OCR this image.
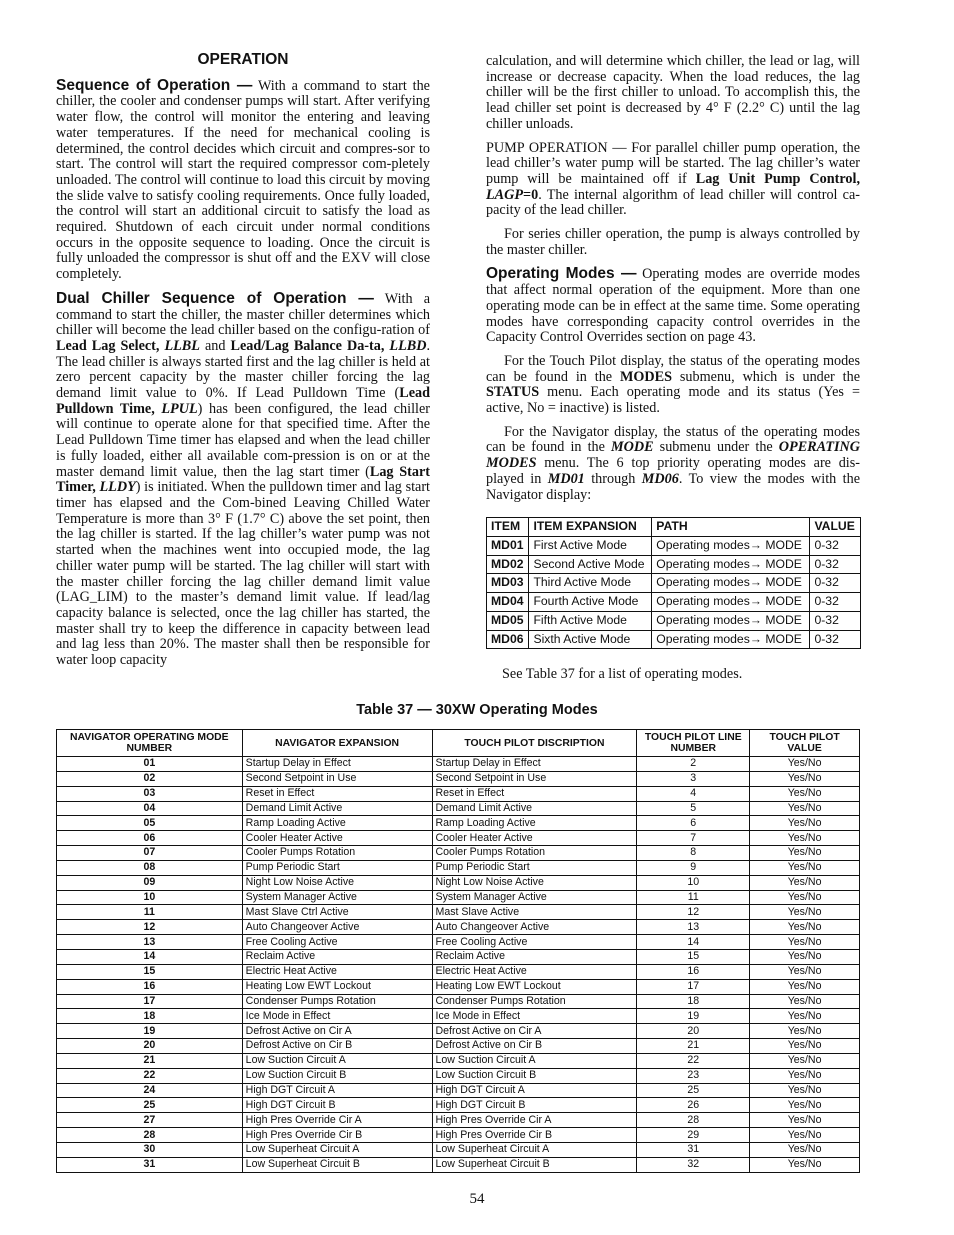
OPERATION

Sequence of Operation — With a command to start the chiller, the cooler and condenser pumps will start. After verifying water flow, the control will monitor the entering and leaving water temperatures. If the need for mechanical cooling is determined, the control decides which circuit and compres-sor to start. The control will start the required compressor com-pletely unloaded. The control will continue to load this circuit by moving the slide valve to satisfy cooling requirements. Once fully loaded, the control will start an additional circuit to satisfy the load as required. Shutdown of each circuit under normal conditions occurs in the opposite sequence to loading. Once the circuit is fully unloaded the compressor is shut off and the EXV will close completely.

Dual Chiller Sequence of Operation — With a command to start the chiller, the master chiller determines which chiller will become the lead chiller based on the configu-ration of Lead Lag Select, LLBL and Lead/Lag Balance Da-ta, LLBD. The lead chiller is always started first and the lag chiller is held at zero percent capacity by the master chiller forcing the lag demand limit value to 0%. If Lead Pulldown Time (Lead Pulldown Time, LPUL) has been configured, the lead chiller will continue to operate alone for that specified time. After the Lead Pulldown Time timer has elapsed and when the lead chiller is fully loaded, either all available com-pression is on or at the master demand limit value, then the lag start timer (Lag Start Timer, LLDY) is initiated. When the pulldown timer and lag start timer has elapsed and the Com-bined Leaving Chilled Water Temperature is more than 3° F (1.7° C) above the set point, then the lag chiller is started. If the lag chiller’s water pump was not started when the machines went into occupied mode, the lag chiller water pump will be started. The lag chiller will start with the master chiller forcing the lag chiller demand limit value (LAG_LIM) to the master’s demand limit value. If lead/lag capacity balance is selected, once the lag chiller has started, the master shall try to keep the difference in capacity between lead and lag less than 20%. The master shall then be responsible for water loop capacity

calculation, and will determine which chiller, the lead or lag, will increase or decrease capacity. When the load reduces, the lag chiller will be the first chiller to unload. To accomplish this, the lead chiller set point is decreased by 4° F (2.2° C) until the lag chiller unloads.

PUMP OPERATION — For parallel chiller pump operation, the lead chiller’s water pump will be started. The lag chiller’s water pump will be maintained off if Lag Unit Pump Control, LAGP=0. The internal algorithm of lead chiller will control ca-pacity of the lead chiller.

For series chiller operation, the pump is always controlled by the master chiller.

Operating Modes — Operating modes are override modes that affect normal operation of the equipment. More than one operating mode can be in effect at the same time. Some operating modes have corresponding capacity control overrides in the Capacity Control Overrides section on page 43.

For the Touch Pilot display, the status of the operating modes can be found in the MODES submenu, which is under the STATUS menu. Each operating mode and its status (Yes = active, No = inactive) is listed.

For the Navigator display, the status of the operating modes can be found in the MODE submenu under the OPERATING MODES menu. The 6 top priority operating modes are dis-played in MD01 through MD06. To view the modes with the Navigator display:

ITEM	ITEM EXPANSION	PATH	VALUE
MD01	First Active Mode	Operating modes→ MODE	0-32
MD02	Second Active Mode	Operating modes→ MODE	0-32
MD03	Third Active Mode	Operating modes→ MODE	0-32
MD04	Fourth Active Mode	Operating modes→ MODE	0-32
MD05	Fifth Active Mode	Operating modes→ MODE	0-32
MD06	Sixth Active Mode	Operating modes→ MODE	0-32

See Table 37 for a list of operating modes.

Table 37 — 30XW Operating Modes
NAVIGATOR OPERATING MODE NUMBER	NAVIGATOR EXPANSION	TOUCH PILOT DISCRIPTION	TOUCH PILOT LINE NUMBER	TOUCH PILOT VALUE
01	Startup Delay in Effect	Startup Delay in Effect	2	Yes/No
02	Second Setpoint in Use	Second Setpoint in Use	3	Yes/No
03	Reset in Effect	Reset in Effect	4	Yes/No
04	Demand Limit Active	Demand Limit Active	5	Yes/No
05	Ramp Loading Active	Ramp Loading Active	6	Yes/No
06	Cooler Heater Active	Cooler Heater Active	7	Yes/No
07	Cooler Pumps Rotation	Cooler Pumps Rotation	8	Yes/No
08	Pump Periodic Start	Pump Periodic Start	9	Yes/No
09	Night Low Noise Active	Night Low Noise Active	10	Yes/No
10	System Manager Active	System Manager Active	11	Yes/No
11	Mast Slave Ctrl Active	Mast Slave Active	12	Yes/No
12	Auto Changeover Active	Auto Changeover Active	13	Yes/No
13	Free Cooling Active	Free Cooling Active	14	Yes/No
14	Reclaim Active	Reclaim Active	15	Yes/No
15	Electric Heat Active	Electric Heat Active	16	Yes/No
16	Heating Low EWT Lockout	Heating Low EWT Lockout	17	Yes/No
17	Condenser Pumps Rotation	Condenser Pumps Rotation	18	Yes/No
18	Ice Mode in Effect	Ice Mode in Effect	19	Yes/No
19	Defrost Active on Cir A	Defrost Active on Cir A	20	Yes/No
20	Defrost Active on Cir B	Defrost Active on Cir B	21	Yes/No
21	Low Suction Circuit A	Low Suction Circuit A	22	Yes/No
22	Low Suction Circuit B	Low Suction Circuit B	23	Yes/No
24	High DGT Circuit A	High DGT Circuit A	25	Yes/No
25	High DGT Circuit B	High DGT Circuit B	26	Yes/No
27	High Pres Override Cir A	High Pres Override Cir A	28	Yes/No
28	High Pres Override Cir B	High Pres Override Cir B	29	Yes/No
30	Low Superheat Circuit A	Low Superheat Circuit A	31	Yes/No
31	Low Superheat Circuit B	Low Superheat Circuit B	32	Yes/No
54
